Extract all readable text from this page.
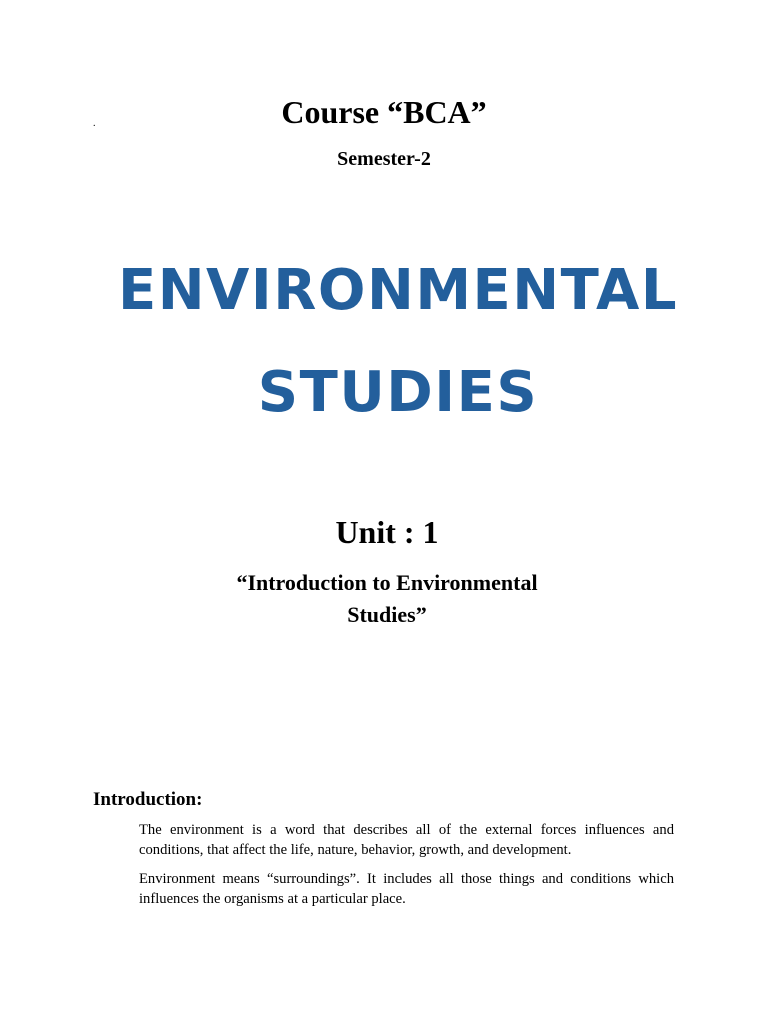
.	Course “BCA”
Semester-2
ENVIRONMENTAL
STUDIES
Unit : 1
“Introduction to Environmental Studies”
Introduction:

The environment is a word that describes all of the external forces influences and conditions, that affect the life, nature, behavior, growth, and development.

Environment means “surroundings”. It includes all those things and conditions which influences the organisms at a particular place.
